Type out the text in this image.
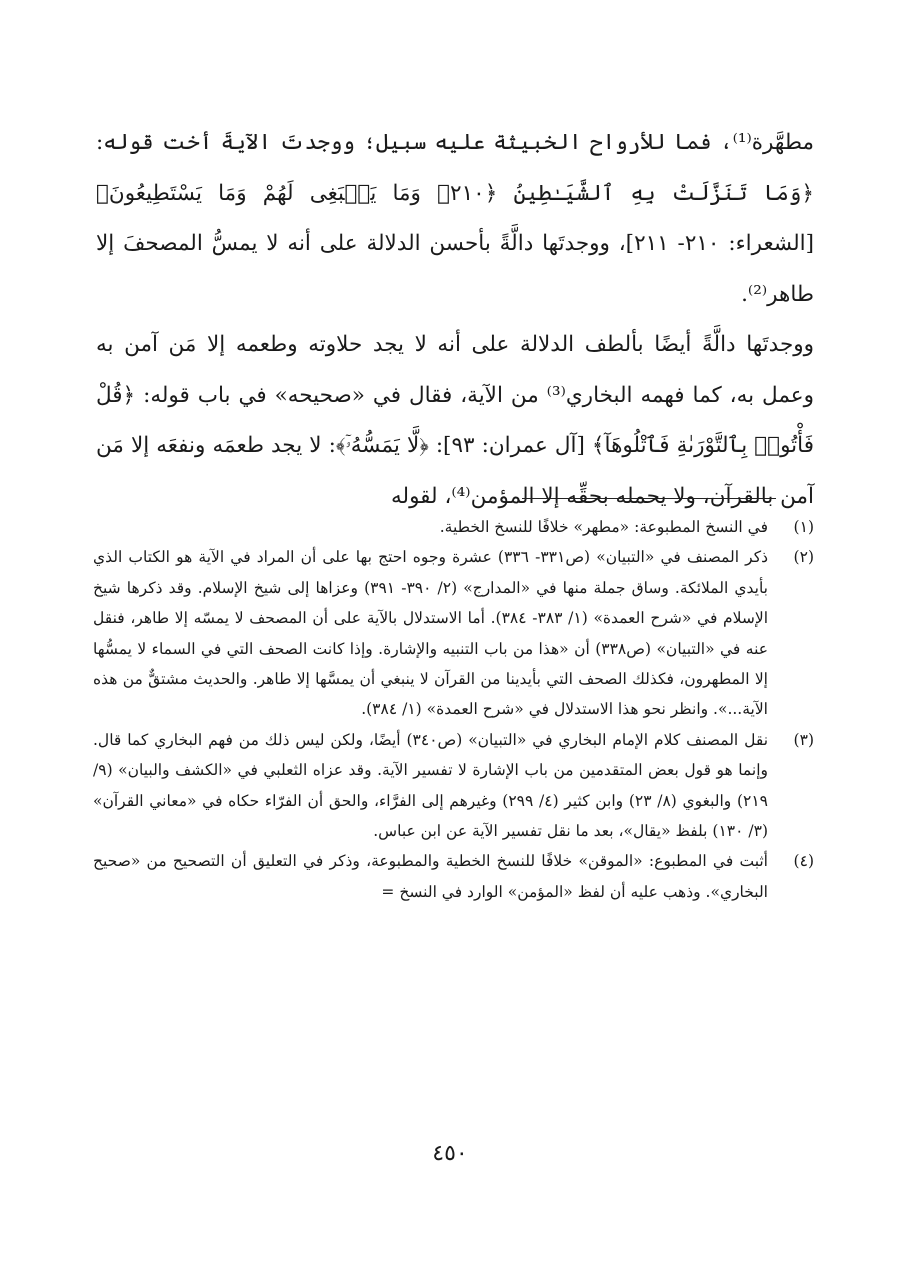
مطهَّرة⁽¹⁾، فما للأرواح الخبيثة عليه سبيل؛ ووجدتَ الآيةَ أخت قوله: ﴿وَمَا تَنَزَّلَتْ بِهِ ٱلشَّيَـٰطِينُ ﴿٢١٠﴾ وَمَا يَنۢبَغِى لَهُمْ وَمَا يَسْتَطِيعُونَ﴾ [الشعراء: ٢١٠- ٢١١]، ووجدتَها دالَّةً بأحسن الدلالة على أنه لا يمسُّ المصحفَ إلا طاهر⁽²⁾.

ووجدتَها دالَّةً أيضًا بألطف الدلالة على أنه لا يجد حلاوته وطعمه إلا مَن آمن به وعمل به، كما فهمه البخاري⁽³⁾ من الآية، فقال في «صحيحه» في باب قوله: ﴿قُلْ فَأْتُوا۟ بِٱلتَّوْرَىٰةِ فَٱتْلُوهَآ﴾ [آل عمران: ٩٣]: ﴿لَّا يَمَسُّهُۥٓ﴾: لا يجد طعمَه ونفعَه إلا مَن آمن بالقرآن، ولا يحمله بحقِّه إلا المؤمن⁽⁴⁾، لقوله

(١)
في النسخ المطبوعة: «مطهر» خلافًا للنسخ الخطية.
(٢)
ذكر المصنف في «التبيان» (ص٣٣١- ٣٣٦) عشرة وجوه احتج بها على أن المراد في الآية هو الكتاب الذي بأيدي الملائكة. وساق جملة منها في «المدارج» (٢/ ٣٩٠- ٣٩١) وعزاها إلى شيخ الإسلام. وقد ذكرها شيخ الإسلام في «شرح العمدة» (١/ ٣٨٣- ٣٨٤). أما الاستدلال بالآية على أن المصحف لا يمسّه إلا طاهر، فنقل عنه في «التبيان» (ص٣٣٨) أن «هذا من باب التنبيه والإشارة. وإذا كانت الصحف التي في السماء لا يمسُّها إلا المطهرون، فكذلك الصحف التي بأيدينا من القرآن لا ينبغي أن يمسَّها إلا طاهر. والحديث مشتقٌّ من هذه الآية...». وانظر نحو هذا الاستدلال في «شرح العمدة» (١/ ٣٨٤).
(٣)
نقل المصنف كلام الإمام البخاري في «التبيان» (ص٣٤٠) أيضًا، ولكن ليس ذلك من فهم البخاري كما قال. وإنما هو قول بعض المتقدمين من باب الإشارة لا تفسير الآية. وقد عزاه الثعلبي في «الكشف والبيان» (٩/ ٢١٩) والبغوي (٨/ ٢٣) وابن كثير (٤/ ٢٩٩) وغيرهم إلى الفرَّاء، والحق أن الفرّاء حكاه في «معاني القرآن» (٣/ ١٣٠) بلفظ «يقال»، بعد ما نقل تفسير الآية عن ابن عباس.
(٤)
أثبت في المطبوع: «الموقن» خلافًا للنسخ الخطية والمطبوعة، وذكر في التعليق أن التصحيح من «صحيح البخاري». وذهب عليه أن لفظ «المؤمن» الوارد في النسخ =
٤٥٠
